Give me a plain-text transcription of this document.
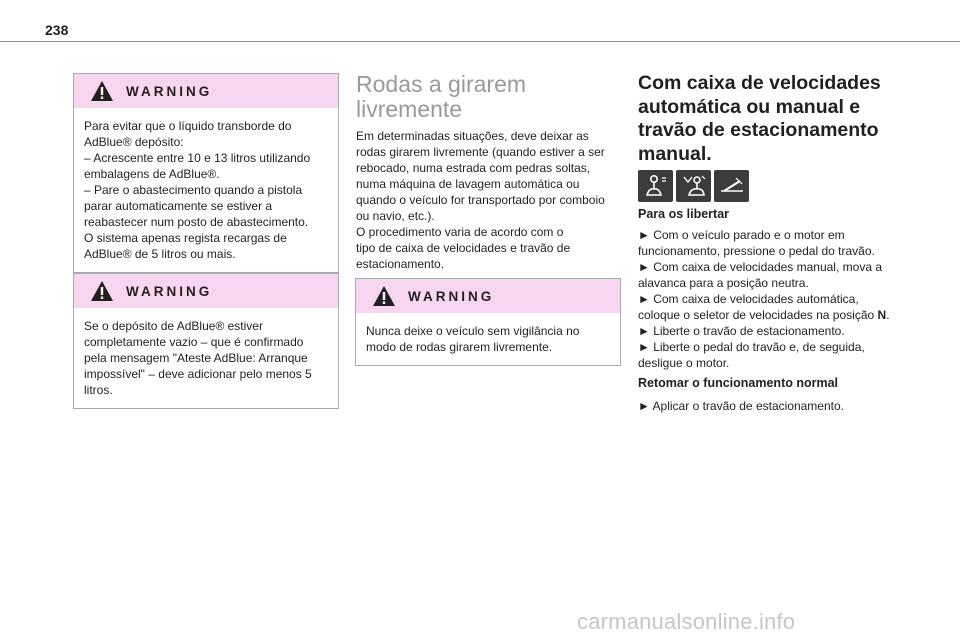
238
WARNING

Para evitar que o líquido transborde do

AdBlue® depósito:

– Acrescente entre 10 e 13 litros utilizando

embalagens de AdBlue®.

– Pare o abastecimento quando a pistola

parar automaticamente se estiver a

reabastecer num posto de abastecimento.

O sistema apenas regista recargas de

AdBlue® de 5 litros ou mais.

WARNING

Se o depósito de AdBlue® estiver

completamente vazio – que é confirmado

pela mensagem "Ateste AdBlue: Arranque

impossível" – deve adicionar pelo menos 5

litros.

Rodas a girarem
livremente
Em determinadas situações, deve deixar as
rodas girarem livremente (quando estiver a ser
rebocado, numa estrada com pedras soltas,
numa máquina de lavagem automática ou
quando o veículo for transportado por comboio
ou navio, etc.).
O procedimento varia de acordo com o
tipo de caixa de velocidades e travão de
estacionamento.
WARNING

Nunca deixe o veículo sem vigilância no

modo de rodas girarem livremente.

Com caixa de velocidades
automática ou manual e
travão de estacionamento
manual.
Para os libertar

► Com o veículo parado e o motor em

funcionamento, pressione o pedal do travão.

► Com caixa de velocidades manual, mova a

alavanca para a posição neutra.

► Com caixa de velocidades automática,

coloque o seletor de velocidades na posição N.

► Liberte o travão de estacionamento.

► Liberte o pedal do travão e, de seguida,

desligue o motor.

Retomar o funcionamento normal

► Aplicar o travão de estacionamento.

carmanualsonline.info
